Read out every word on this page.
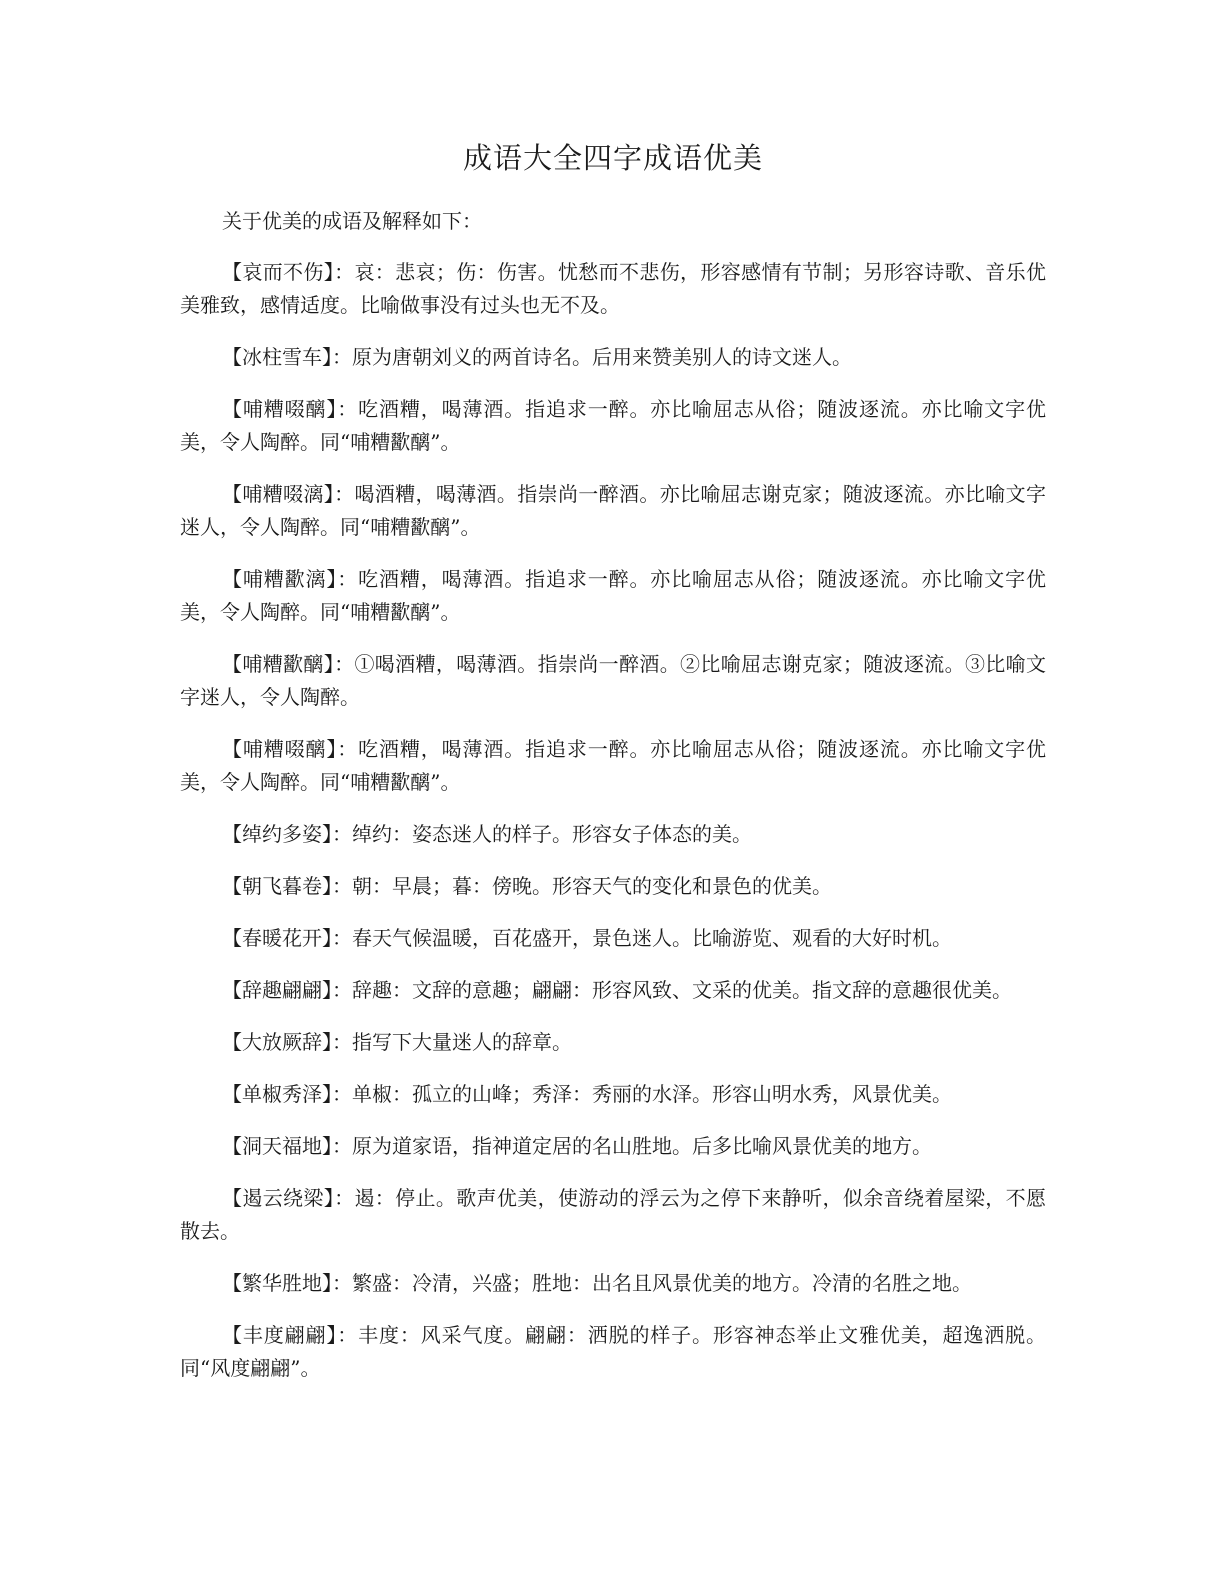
成语大全四字成语优美
关于优美的成语及解释如下：

【哀而不伤】：哀：悲哀；伤：伤害。忧愁而不悲伤，形容感情有节制；另形容诗歌、音乐优美雅致，感情适度。比喻做事没有过头也无不及。

【冰柱雪车】：原为唐朝刘义的两首诗名。后用来赞美别人的诗文迷人。

【哺糟啜醨】：吃酒糟，喝薄酒。指追求一醉。亦比喻屈志从俗；随波逐流。亦比喻文字优美，令人陶醉。同“哺糟歠醨”。

【哺糟啜漓】：喝酒糟，喝薄酒。指崇尚一醉酒。亦比喻屈志谢克家；随波逐流。亦比喻文字迷人，令人陶醉。同“哺糟歠醨”。

【哺糟歠漓】：吃酒糟，喝薄酒。指追求一醉。亦比喻屈志从俗；随波逐流。亦比喻文字优美，令人陶醉。同“哺糟歠醨”。

【哺糟歠醨】：①喝酒糟，喝薄酒。指崇尚一醉酒。②比喻屈志谢克家；随波逐流。③比喻文字迷人，令人陶醉。

【哺糟啜醨】：吃酒糟，喝薄酒。指追求一醉。亦比喻屈志从俗；随波逐流。亦比喻文字优美，令人陶醉。同“哺糟歠醨”。

【绰约多姿】：绰约：姿态迷人的样子。形容女子体态的美。

【朝飞暮卷】：朝：早晨；暮：傍晚。形容天气的变化和景色的优美。

【春暖花开】：春天气候温暖，百花盛开，景色迷人。比喻游览、观看的大好时机。

【辞趣翩翩】：辞趣：文辞的意趣；翩翩：形容风致、文采的优美。指文辞的意趣很优美。

【大放厥辞】：指写下大量迷人的辞章。

【单椒秀泽】：单椒：孤立的山峰；秀泽：秀丽的水泽。形容山明水秀，风景优美。

【洞天福地】：原为道家语，指神道定居的名山胜地。后多比喻风景优美的地方。

【遏云绕梁】：遏：停止。歌声优美，使游动的浮云为之停下来静听，似余音绕着屋梁，不愿散去。

【繁华胜地】：繁盛：冷清，兴盛；胜地：出名且风景优美的地方。冷清的名胜之地。

【丰度翩翩】：丰度：风采气度。翩翩：洒脱的样子。形容神态举止文雅优美，超逸洒脱。同“风度翩翩”。
